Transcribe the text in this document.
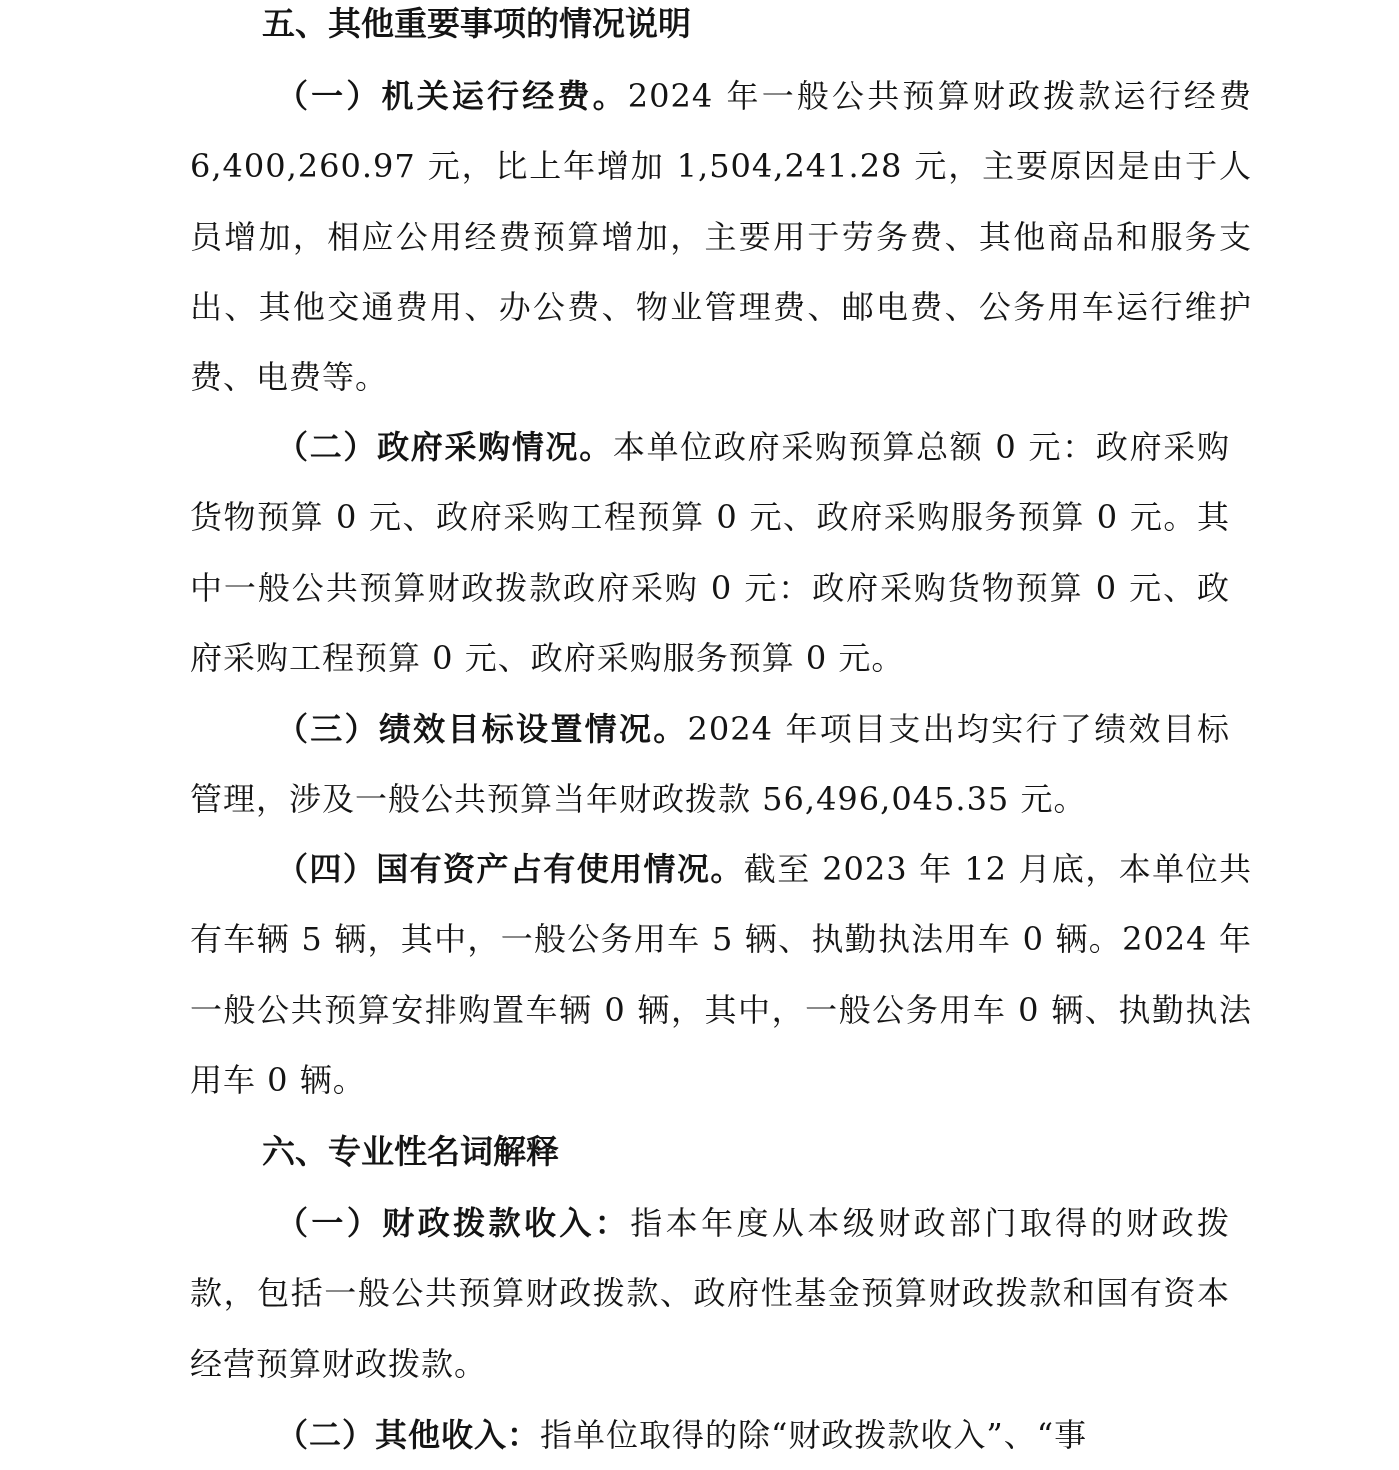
五、其他重要事项的情况说明

（一）机关运行经费。2024 年一般公共预算财政拨款运行经费 6,400,260.97 元，比上年增加 1,504,241.28 元，主要原因是由于人员增加，相应公用经费预算增加，主要用于劳务费、其他商品和服务支出、其他交通费用、办公费、物业管理费、邮电费、公务用车运行维护费、电费等。

（二）政府采购情况。本单位政府采购预算总额 0 元：政府采购货物预算 0 元、政府采购工程预算 0 元、政府采购服务预算 0 元。其中一般公共预算财政拨款政府采购 0 元：政府采购货物预算 0 元、政府采购工程预算 0 元、政府采购服务预算 0 元。

（三）绩效目标设置情况。2024 年项目支出均实行了绩效目标管理，涉及一般公共预算当年财政拨款 56,496,045.35 元。

（四）国有资产占有使用情况。截至 2023 年 12 月底，本单位共有车辆 5 辆，其中，一般公务用车 5 辆、执勤执法用车 0 辆。2024 年一般公共预算安排购置车辆 0 辆，其中，一般公务用车 0 辆、执勤执法用车 0 辆。

六、专业性名词解释

（一）财政拨款收入：指本年度从本级财政部门取得的财政拨款，包括一般公共预算财政拨款、政府性基金预算财政拨款和国有资本经营预算财政拨款。

（二）其他收入：指单位取得的除“财政拨款收入”、“事
